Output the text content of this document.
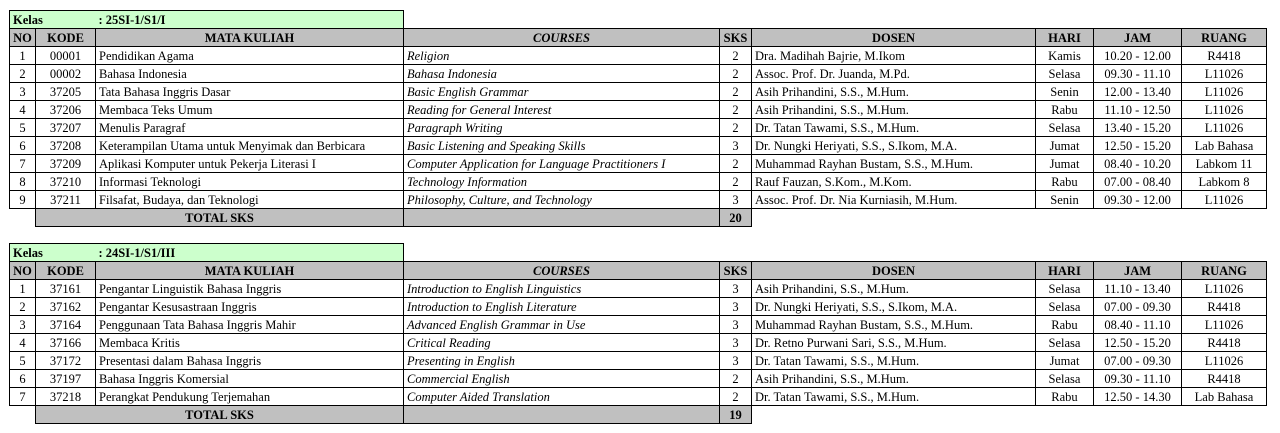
Kelas		: 25SI-1/S1/I						
NO	KODE	MATA KULIAH	COURSES	SKS	DOSEN	HARI	JAM	RUANG
1	00001	Pendidikan Agama	Religion	2	Dra. Madihah Bajrie, M.Ikom	Kamis	10.20 - 12.00	R4418
2	00002	Bahasa Indonesia	Bahasa Indonesia	2	Assoc. Prof. Dr. Juanda, M.Pd.	Selasa	09.30 - 11.10	L11026
3	37205	Tata Bahasa Inggris Dasar	Basic English Grammar	2	Asih Prihandini, S.S., M.Hum.	Senin	12.00 - 13.40	L11026
4	37206	Membaca Teks Umum	Reading for General Interest	2	Asih Prihandini, S.S., M.Hum.	Rabu	11.10 - 12.50	L11026
5	37207	Menulis Paragraf	Paragraph Writing	2	Dr. Tatan Tawami, S.S., M.Hum.	Selasa	13.40 - 15.20	L11026
6	37208	Keterampilan Utama untuk Menyimak dan Berbicara	Basic Listening and Speaking Skills	3	Dr. Nungki Heriyati, S.S., S.Ikom, M.A.	Jumat	12.50 - 15.20	Lab Bahasa
7	37209	Aplikasi Komputer untuk Pekerja Literasi I	Computer Application for Language Practitioners I	2	Muhammad Rayhan Bustam, S.S., M.Hum.	Jumat	08.40 - 10.20	Labkom 11
8	37210	Informasi Teknologi	Technology Information	2	Rauf Fauzan, S.Kom., M.Kom.	Rabu	07.00 - 08.40	Labkom 8
9	37211	Filsafat, Budaya, dan Teknologi	Philosophy, Culture, and Technology	3	Assoc. Prof. Dr. Nia Kurniasih, M.Hum.	Senin	09.30 - 12.00	L11026
	TOTAL SKS			20				
Kelas		: 24SI-1/S1/III						
NO	KODE	MATA KULIAH	COURSES	SKS	DOSEN	HARI	JAM	RUANG
1	37161	Pengantar Linguistik Bahasa Inggris	Introduction to English Linguistics	3	Asih Prihandini, S.S., M.Hum.	Selasa	11.10 - 13.40	L11026
2	37162	Pengantar Kesusastraan Inggris	Introduction to English Literature	3	Dr. Nungki Heriyati, S.S., S.Ikom, M.A.	Selasa	07.00 - 09.30	R4418
3	37164	Penggunaan Tata Bahasa Inggris Mahir	Advanced English Grammar in Use	3	Muhammad Rayhan Bustam, S.S., M.Hum.	Rabu	08.40 - 11.10	L11026
4	37166	Membaca Kritis	Critical Reading	3	Dr. Retno Purwani Sari, S.S., M.Hum.	Selasa	12.50 - 15.20	R4418
5	37172	Presentasi dalam Bahasa Inggris	Presenting in English	3	Dr. Tatan Tawami, S.S., M.Hum.	Jumat	07.00 - 09.30	L11026
6	37197	Bahasa Inggris Komersial	Commercial English	2	Asih Prihandini, S.S., M.Hum.	Selasa	09.30 - 11.10	R4418
7	37218	Perangkat Pendukung Terjemahan	Computer Aided Translation	2	Dr. Tatan Tawami, S.S., M.Hum.	Rabu	12.50 - 14.30	Lab Bahasa
	TOTAL SKS			19				
